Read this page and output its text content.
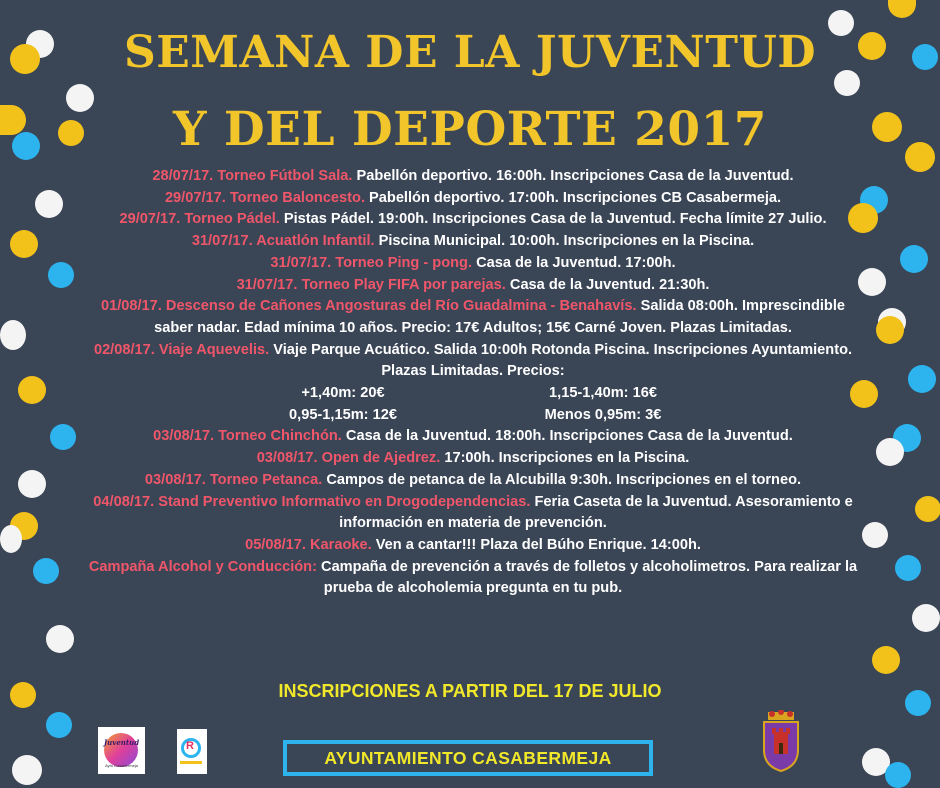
SEMANA DE LA JUVENTUD
Y DEL DEPORTE 2017
28/07/17. Torneo Fútbol Sala. Pabellón deportivo. 16:00h. Inscripciones Casa de la Juventud.
29/07/17. Torneo Baloncesto. Pabellón deportivo. 17:00h. Inscripciones CB Casabermeja.
29/07/17. Torneo Pádel. Pistas Pádel. 19:00h. Inscripciones Casa de la Juventud. Fecha límite 27 Julio.
31/07/17. Acuatlón Infantil. Piscina Municipal. 10:00h. Inscripciones en la Piscina.
31/07/17. Torneo Ping - pong. Casa de la Juventud. 17:00h.
31/07/17. Torneo Play FIFA por parejas. Casa de la Juventud. 21:30h.
01/08/17. Descenso de Cañones Angosturas del Río Guadalmina - Benahavís. Salida 08:00h. Imprescindible saber nadar. Edad mínima 10 años. Precio: 17€ Adultos; 15€ Carné Joven. Plazas Limitadas.
02/08/17. Viaje Aquevelis. Viaje Parque Acuático. Salida 10:00h Rotonda Piscina. Inscripciones Ayuntamiento. Plazas Limitadas. Precios:
+1,40m: 20€	1,15-1,40m: 16€
0,95-1,15m: 12€	Menos 0,95m: 3€
03/08/17. Torneo Chinchón. Casa de la Juventud. 18:00h. Inscripciones Casa de la Juventud.
03/08/17. Open de Ajedrez. 17:00h. Inscripciones en la Piscina.
03/08/17. Torneo Petanca. Campos de petanca de la Alcubilla 9:30h. Inscripciones en el torneo.
04/08/17. Stand Preventivo Informativo en Drogodependencias. Feria Caseta de la Juventud. Asesoramiento e información en materia de prevención.
05/08/17. Karaoke. Ven a cantar!!! Plaza del Búho Enrique. 14:00h.
Campaña Alcohol y Conducción: Campaña de prevención a través de folletos y alcoholimetros. Para realizar la prueba de alcoholemia pregunta en tu pub.
INSCRIPCIONES A PARTIR DEL 17 DE JULIO
Juventud
Ayto Casabermeja
R
AYUNTAMIENTO CASABERMEJA
